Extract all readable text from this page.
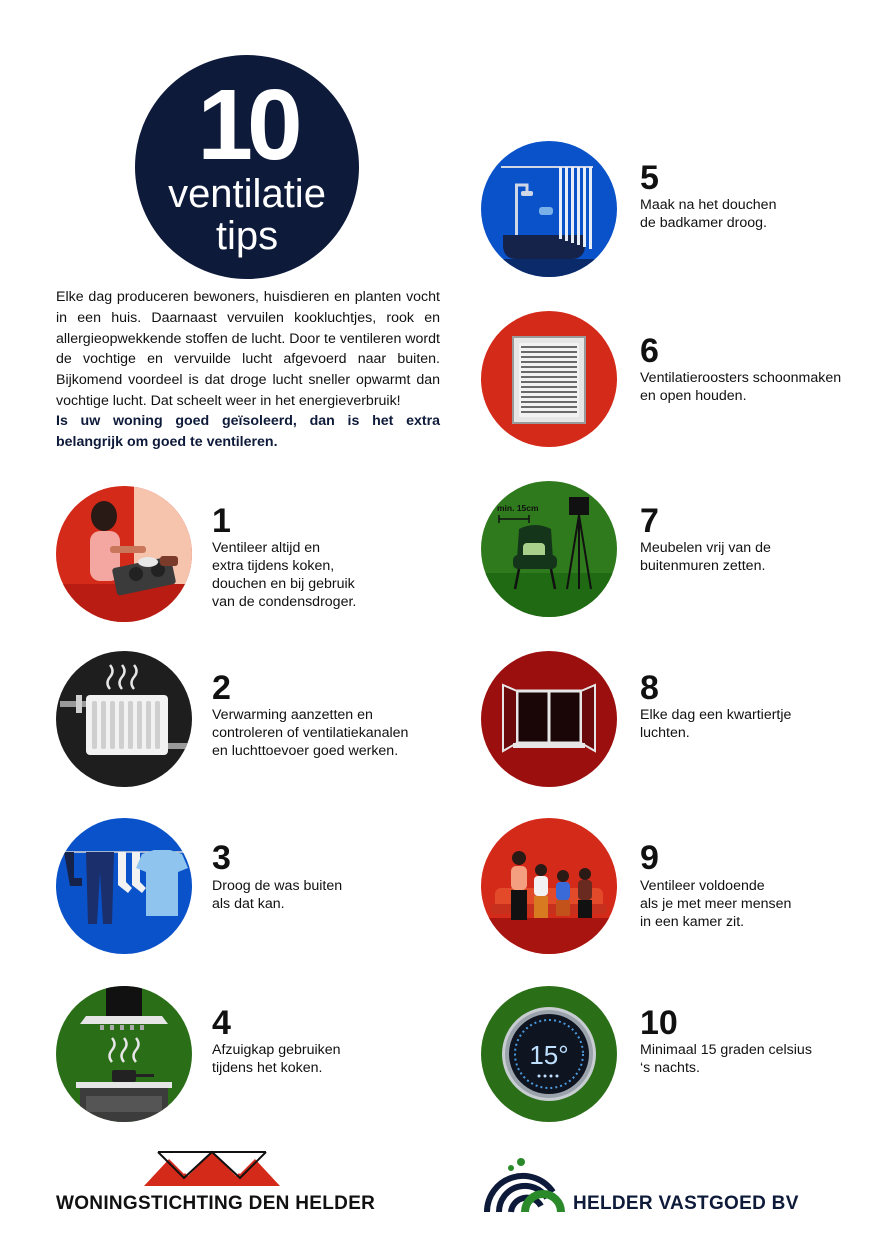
10
ventilatie
tips
Elke dag produceren bewoners, huisdieren en planten vocht in een huis. Daarnaast vervuilen kookluchtjes, rook en allergieopwekkende stoffen de lucht. Door te ventileren wordt de vochtige en vervuilde lucht afgevoerd naar buiten. Bijkomend voordeel is dat droge lucht sneller opwarmt dan vochtige lucht. Dat scheelt weer in het energieverbruik!
Is uw woning goed geïsoleerd, dan is het extra belangrijk om goed te ventileren.
1
Ventileer altijd en
extra tijdens koken,
douchen en bij gebruik
van de condensdroger.
2
Verwarming aanzetten en
controleren of ventilatiekanalen
en luchttoevoer goed werken.
3
Droog de was buiten
als dat kan.
4
Afzuigkap gebruiken
tijdens het koken.
5
Maak na het douchen
de badkamer droog.
6
Ventilatieroosters schoonmaken
en open houden.
min. 15cm	7
Meubelen vrij van de
buitenmuren zetten.
8
Elke dag een kwartiertje
luchten.
9
Ventileer voldoende
als je met meer mensen
in een kamer zit.
15°
10
Minimaal 15 graden celsius
‘s nachts.
WONINGSTICHTING DEN HELDER	HELDER VASTGOED BV
